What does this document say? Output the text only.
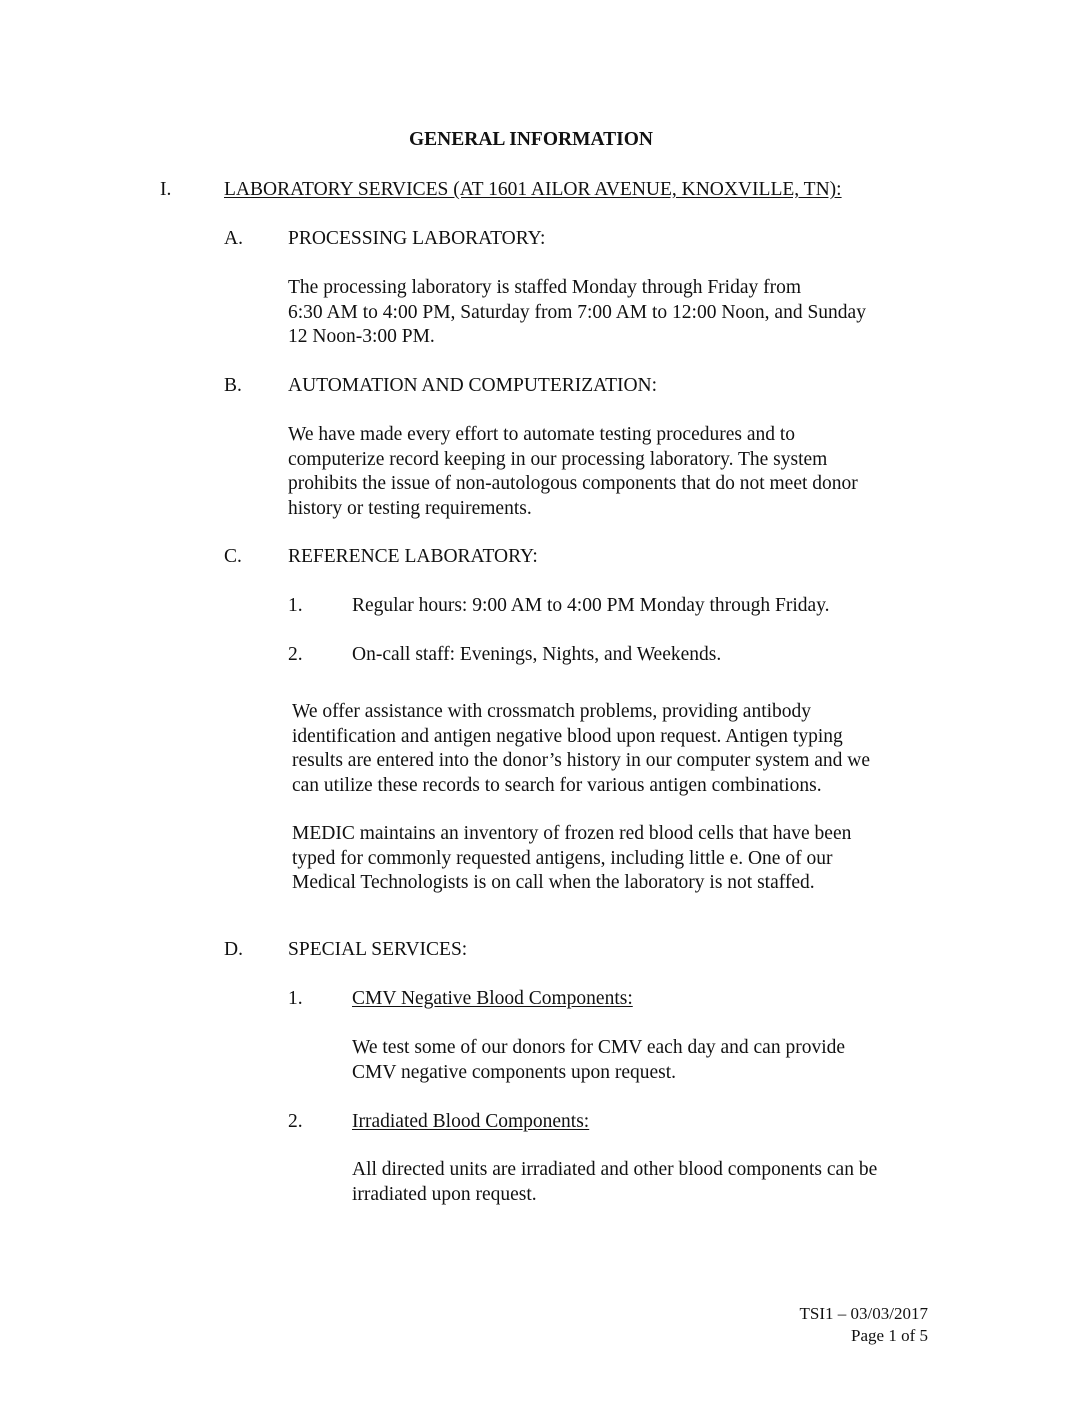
GENERAL INFORMATION
I.	LABORATORY SERVICES (AT 1601 AILOR AVENUE, KNOXVILLE, TN):
A. PROCESSING LABORATORY:
The processing laboratory is staffed Monday through Friday from
6:30 AM to 4:00 PM, Saturday from 7:00 AM to 12:00 Noon, and Sunday
12 Noon-3:00 PM.
B. AUTOMATION AND COMPUTERIZATION:
We have made every effort to automate testing procedures and to
computerize record keeping in our processing laboratory. The system
prohibits the issue of non-autologous components that do not meet donor
history or testing requirements.
C. REFERENCE LABORATORY:
1.	Regular hours: 9:00 AM to 4:00 PM Monday through Friday.
2.	On-call staff: Evenings, Nights, and Weekends.
We offer assistance with crossmatch problems, providing antibody
identification and antigen negative blood upon request. Antigen typing
results are entered into the donor’s history in our computer system and we
can utilize these records to search for various antigen combinations.
MEDIC maintains an inventory of frozen red blood cells that have been
typed for commonly requested antigens, including little e. One of our
Medical Technologists is on call when the laboratory is not staffed.
D. SPECIAL SERVICES:
1.	CMV Negative Blood Components:
We test some of our donors for CMV each day and can provide
CMV negative components upon request.
2.	Irradiated Blood Components:
All directed units are irradiated and other blood components can be
irradiated upon request.
TSI1 – 03/03/2017
Page 1 of 5
